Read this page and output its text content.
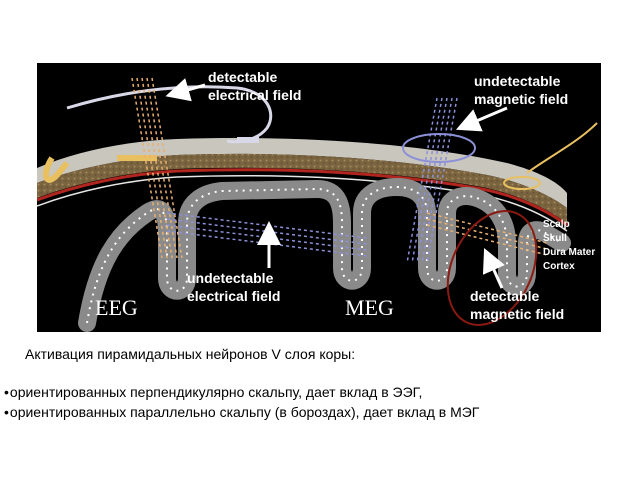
detectable electrical field
undetectable magnetic field
undetectable electrical field	detectable magnetic field
Scalp
Skull
Dura Mater
Cortex
EEG	MEG
Активация пирамидальных нейронов V слоя коры:
• ориентированных перпендикулярно скальпу, дает вклад в ЭЭГ,
• ориентированных параллельно скальпу (в бороздах), дает вклад в МЭГ
